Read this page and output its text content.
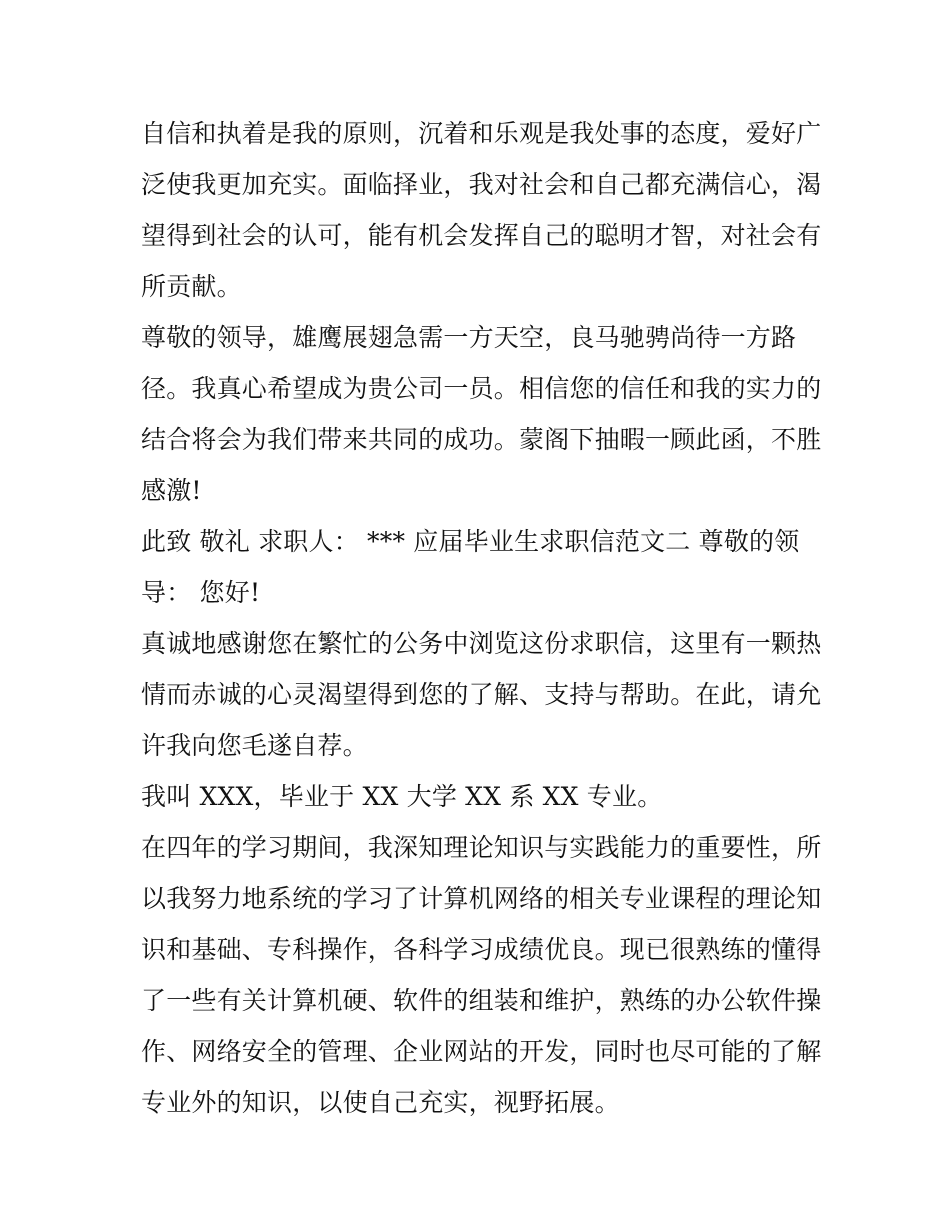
自信和执着是我的原则，沉着和乐观是我处事的态度，爱好广
泛使我更加充实。面临择业，我对社会和自己都充满信心，渴
望得到社会的认可，能有机会发挥自己的聪明才智，对社会有
所贡献。
尊敬的领导，雄鹰展翅急需一方天空，良马驰骋尚待一方路
径。我真心希望成为贵公司一员。相信您的信任和我的实力的
结合将会为我们带来共同的成功。蒙阁下抽暇一顾此函，不胜
感激!
此致 敬礼 求职人： *** 应届毕业生求职信范文二 尊敬的领
导： 您好!
真诚地感谢您在繁忙的公务中浏览这份求职信，这里有一颗热
情而赤诚的心灵渴望得到您的了解、支持与帮助。在此，请允
许我向您毛遂自荐。
我叫 XXX，毕业于 XX 大学 XX 系 XX 专业。
在四年的学习期间，我深知理论知识与实践能力的重要性，所
以我努力地系统的学习了计算机网络的相关专业课程的理论知
识和基础、专科操作，各科学习成绩优良。现已很熟练的懂得
了一些有关计算机硬、软件的组装和维护，熟练的办公软件操
作、网络安全的管理、企业网站的开发，同时也尽可能的了解
专业外的知识，以使自己充实，视野拓展。
